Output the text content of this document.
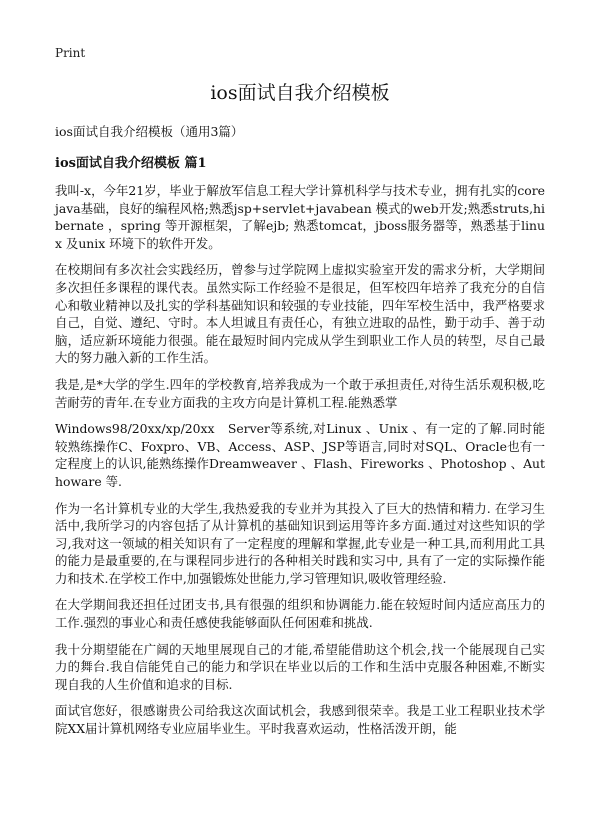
Print
ios面试自我介绍模板
ios面试自我介绍模板（通用3篇）
ios面试自我介绍模板 篇1

我叫-x，今年21岁，毕业于解放军信息工程大学计算机科学与技术专业，拥有扎实的core java基础，良好的编程风格;熟悉jsp+servlet+javabean 模式的web开发;熟悉struts,hibernate ，spring 等开源框架，了解ejb; 熟悉tomcat，jboss服务器等，熟悉基于linux 及unix 环境下的软件开发。

在校期间有多次社会实践经历，曾参与过学院网上虚拟实验室开发的需求分析，大学期间多次担任多课程的课代表。虽然实际工作经验不是很足，但军校四年培养了我充分的自信心和敬业精神以及扎实的学科基础知识和较强的专业技能，四年军校生活中，我严格要求自己，自觉、遵纪、守时。本人坦诚且有责任心，有独立进取的品性，勤于动手、善于动脑，适应新环境能力很强。能在最短时间内完成从学生到职业工作人员的转型，尽自己最大的努力融入新的工作生活。

我是,是*大学的学生.四年的学校教育,培养我成为一个敢于承担责任,对待生活乐观积极,吃苦耐劳的青年.在专业方面我的主攻方向是计算机工程.能熟悉掌

Windows98/20xx/xp/20xx　Server等系统,对Linux 、Unix 、有一定的了解.同时能较熟练操作C、Foxpro、VB、Access、ASP、JSP等语言,同时对SQL、Oracle也有一定程度上的认识,能熟练操作Dreamweaver 、Flash、Fireworks 、Photoshop 、Authoware 等.

作为一名计算机专业的大学生,我热爱我的专业并为其投入了巨大的热情和精力. 在学习生活中,我所学习的内容包括了从计算机的基础知识到运用等许多方面.通过对这些知识的学习,我对这一领域的相关知识有了一定程度的理解和掌握,此专业是一种工具,而利用此工具的能力是最重要的,在与课程同步进行的各种相关时践和实习中, 具有了一定的实际操作能力和技术.在学校工作中,加强锻炼处世能力,学习管理知识,吸收管理经验.

在大学期间我还担任过团支书,具有很强的组织和协调能力.能在较短时间内适应高压力的工作.强烈的事业心和责任感使我能够面队任何困难和挑战.

我十分期望能在广阔的天地里展现自己的才能,希望能借助这个机会,找一个能展现自己实力的舞台.我自信能凭自己的能力和学识在毕业以后的工作和生活中克服各种困难,不断实现自我的人生价值和追求的目标.

面试官您好，很感谢贵公司给我这次面试机会，我感到很荣幸。我是工业工程职业技术学院XX届计算机网络专业应届毕业生。平时我喜欢运动，性格活泼开朗，能
